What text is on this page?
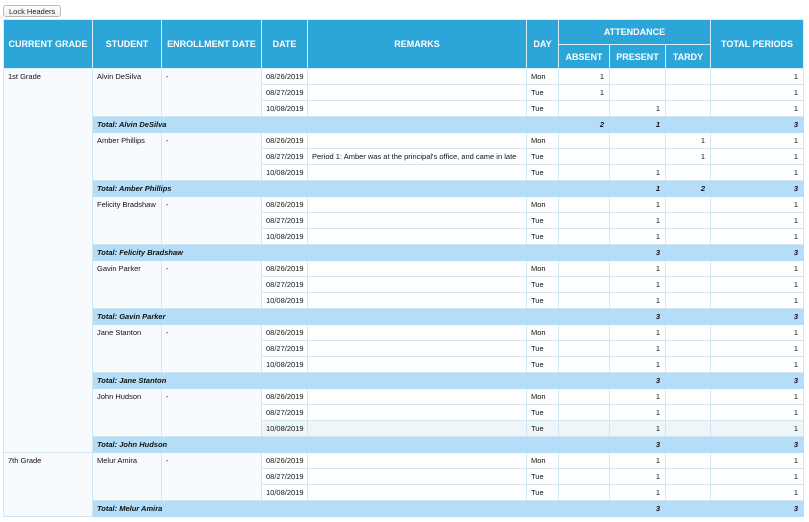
Lock Headers
CURRENT GRADE	STUDENT	ENROLLMENT DATE	DATE	REMARKS	DAY	ATTENDANCE			TOTAL PERIODS
						ABSENT	PRESENT	TARDY	
1st Grade	Alvin DeSilva	-	08/26/2019		Mon	1			1
			08/27/2019		Tue	1			1
			10/08/2019		Tue		1		1
	Total: Alvin DeSilva					2	1		3
	Amber Phillips	-	08/26/2019		Mon			1	1
			08/27/2019	Period 1: Amber was at the principal's office, and came in late	Tue			1	1
			10/08/2019		Tue		1		1
	Total: Amber Phillips						1	2	3
	Felicity Bradshaw	-	08/26/2019		Mon		1		1
			08/27/2019		Tue		1		1
			10/08/2019		Tue		1		1
	Total: Felicity Bradshaw						3		3
	Gavin Parker	-	08/26/2019		Mon		1		1
			08/27/2019		Tue		1		1
			10/08/2019		Tue		1		1
	Total: Gavin Parker						3		3
	Jane Stanton	-	08/26/2019		Mon		1		1
			08/27/2019		Tue		1		1
			10/08/2019		Tue		1		1
	Total: Jane Stanton						3		3
	John Hudson	-	08/26/2019		Mon		1		1
			08/27/2019		Tue		1		1
			10/08/2019		Tue		1		1
	Total: John Hudson						3		3
7th Grade	Melur Amira	-	08/26/2019		Mon		1		1
			08/27/2019		Tue		1		1
			10/08/2019		Tue		1		1
	Total: Melur Amira						3		3
